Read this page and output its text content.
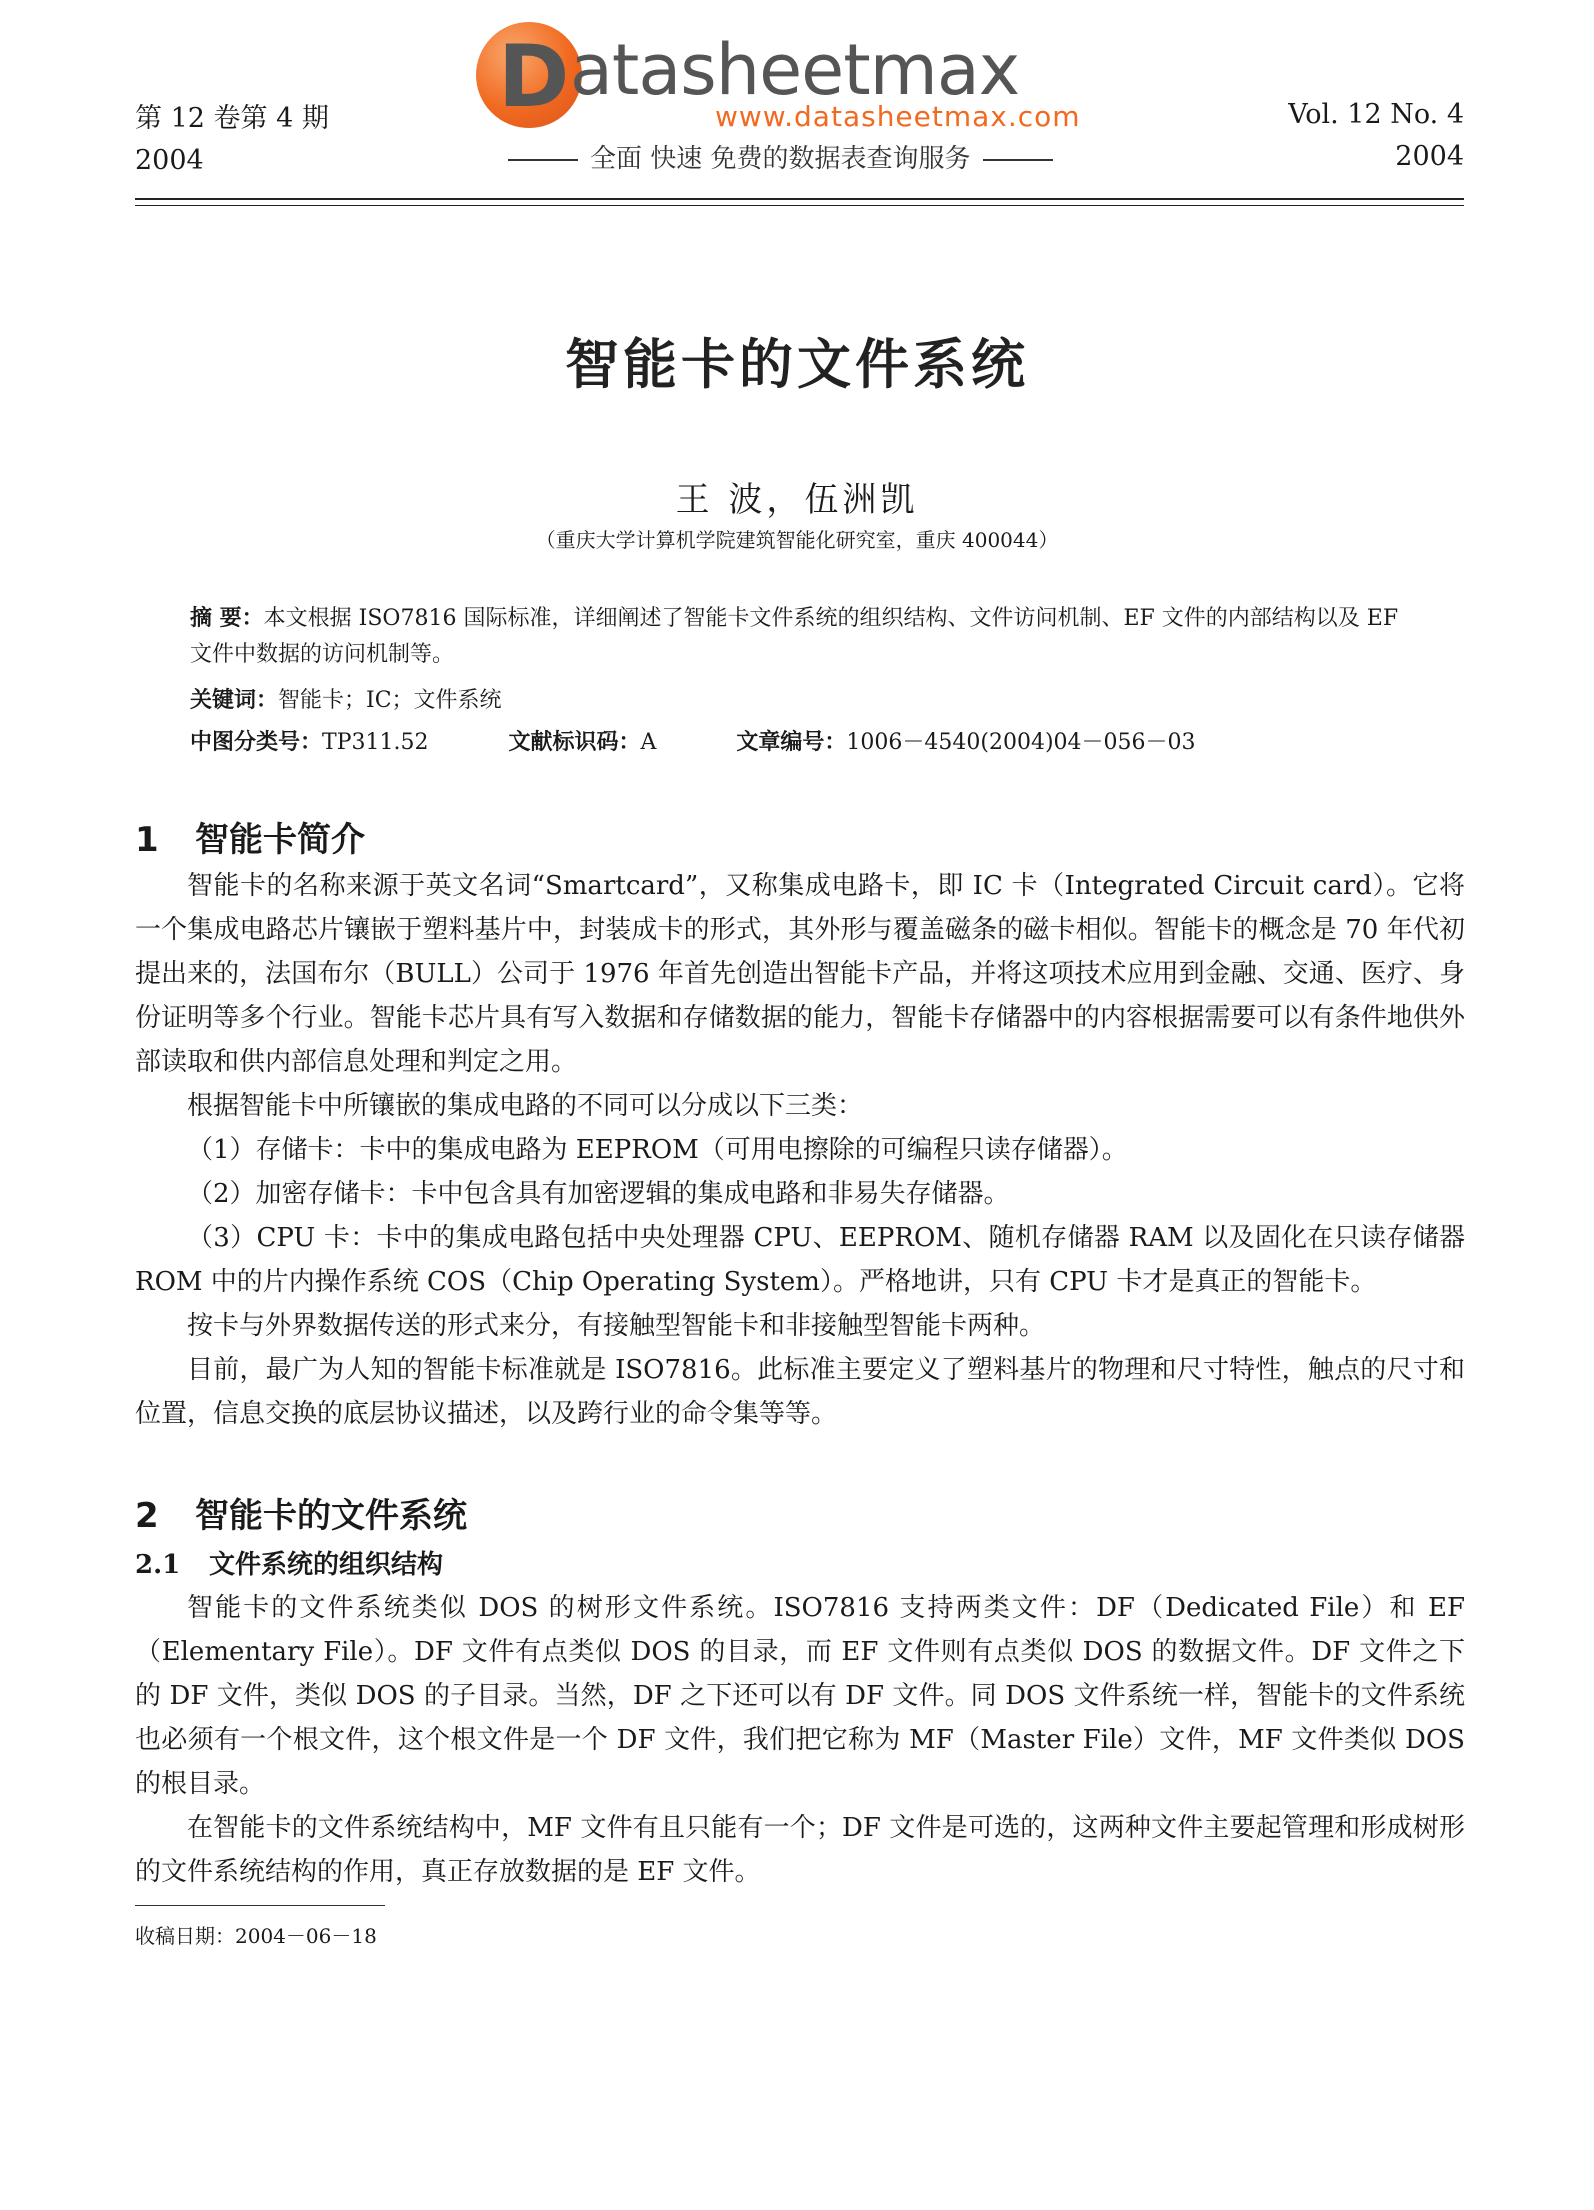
第 12 卷第 4 期
2004
D atasheetmax
www.datasheetmax.com
全面 快速 免费的数据表查询服务
Vol. 12 No. 4
2004
智能卡的文件系统
王 波，伍洲凯
（重庆大学计算机学院建筑智能化研究室，重庆 400044）
摘 要：本文根据 ISO7816 国际标准，详细阐述了智能卡文件系统的组织结构、文件访问机制、EF 文件的内部结构以及 EF 文件中数据的访问机制等。
关键词：智能卡；IC；文件系统
中图分类号：TP311.52	文献标识码：A	文章编号：1006－4540(2004)04－056－03
1 智能卡简介

智能卡的名称来源于英文名词“Smartcard”，又称集成电路卡，即 IC 卡（Integrated Circuit card）。它将一个集成电路芯片镶嵌于塑料基片中，封装成卡的形式，其外形与覆盖磁条的磁卡相似。智能卡的概念是 70 年代初提出来的，法国布尔（BULL）公司于 1976 年首先创造出智能卡产品，并将这项技术应用到金融、交通、医疗、身份证明等多个行业。智能卡芯片具有写入数据和存储数据的能力，智能卡存储器中的内容根据需要可以有条件地供外部读取和供内部信息处理和判定之用。

根据智能卡中所镶嵌的集成电路的不同可以分成以下三类：

（1）存储卡：卡中的集成电路为 EEPROM（可用电擦除的可编程只读存储器）。

（2）加密存储卡：卡中包含具有加密逻辑的集成电路和非易失存储器。

（3）CPU 卡：卡中的集成电路包括中央处理器 CPU、EEPROM、随机存储器 RAM 以及固化在只读存储器 ROM 中的片内操作系统 COS（Chip Operating System）。严格地讲，只有 CPU 卡才是真正的智能卡。

按卡与外界数据传送的形式来分，有接触型智能卡和非接触型智能卡两种。

目前，最广为人知的智能卡标准就是 ISO7816。此标准主要定义了塑料基片的物理和尺寸特性，触点的尺寸和位置，信息交换的底层协议描述，以及跨行业的命令集等等。

2 智能卡的文件系统
2.1 文件系统的组织结构

智能卡的文件系统类似 DOS 的树形文件系统。ISO7816 支持两类文件：DF（Dedicated File）和 EF（Elementary File）。DF 文件有点类似 DOS 的目录，而 EF 文件则有点类似 DOS 的数据文件。DF 文件之下的 DF 文件，类似 DOS 的子目录。当然，DF 之下还可以有 DF 文件。同 DOS 文件系统一样，智能卡的文件系统也必须有一个根文件，这个根文件是一个 DF 文件，我们把它称为 MF（Master File）文件，MF 文件类似 DOS 的根目录。

在智能卡的文件系统结构中，MF 文件有且只能有一个；DF 文件是可选的，这两种文件主要起管理和形成树形的文件系统结构的作用，真正存放数据的是 EF 文件。

收稿日期：2004－06－18
